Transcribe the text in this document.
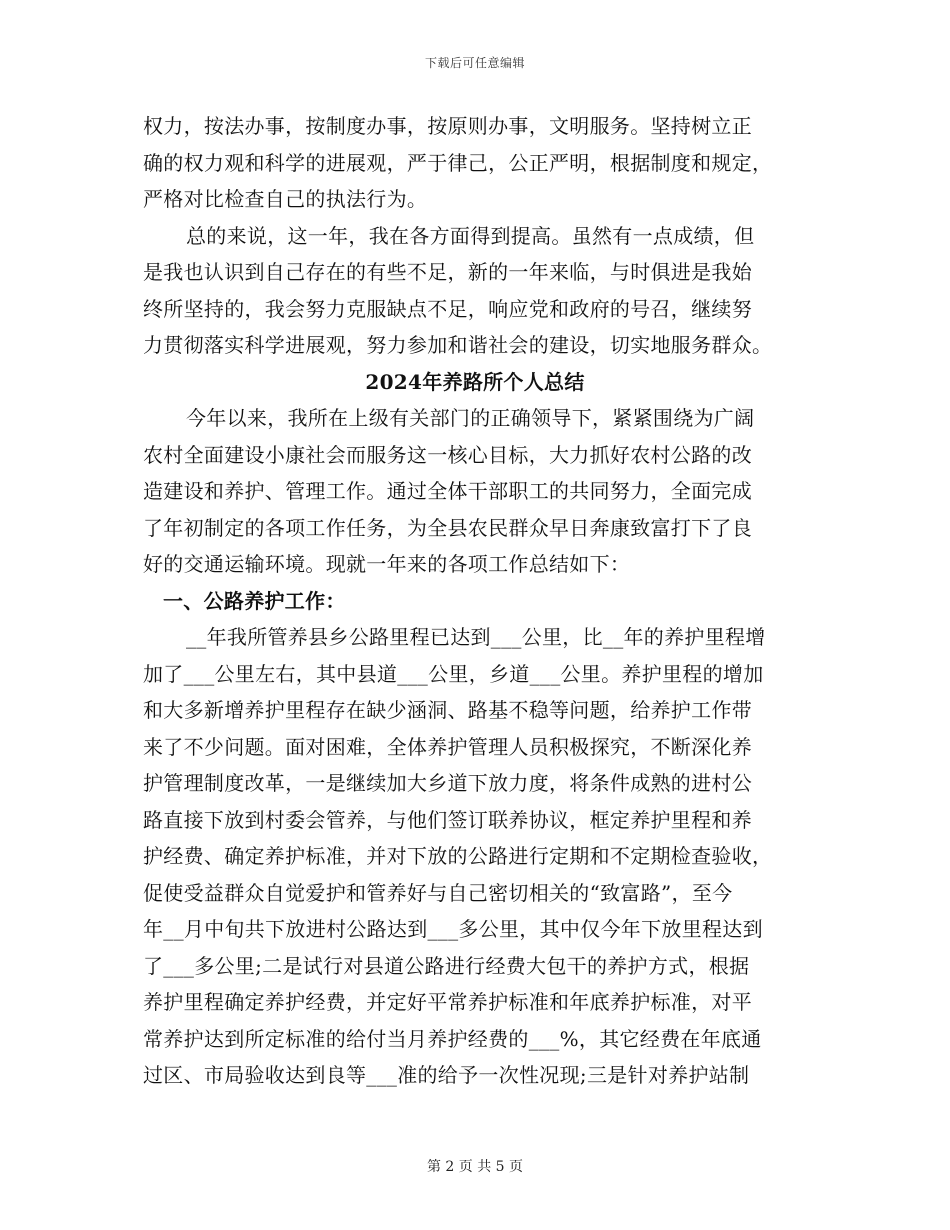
下载后可任意编辑
权力，按法办事，按制度办事，按原则办事，文明服务。坚持树立正
确的权力观和科学的进展观，严于律己，公正严明，根据制度和规定，
严格对比检查自己的执法行为。
总的来说，这一年，我在各方面得到提高。虽然有一点成绩，但
是我也认识到自己存在的有些不足，新的一年来临，与时俱进是我始
终所坚持的，我会努力克服缺点不足，响应党和政府的号召，继续努
力贯彻落实科学进展观，努力参加和谐社会的建设，切实地服务群众。
2024年养路所个人总结
今年以来，我所在上级有关部门的正确领导下，紧紧围绕为广阔
农村全面建设小康社会而服务这一核心目标，大力抓好农村公路的改
造建设和养护、管理工作。通过全体干部职工的共同努力，全面完成
了年初制定的各项工作任务，为全县农民群众早日奔康致富打下了良
好的交通运输环境。现就一年来的各项工作总结如下：
一、公路养护工作：
__年我所管养县乡公路里程已达到___公里，比__年的养护里程增
加了___公里左右，其中县道___公里，乡道___公里。养护里程的增加
和大多新增养护里程存在缺少涵洞、路基不稳等问题，给养护工作带
来了不少问题。面对困难，全体养护管理人员积极探究，不断深化养
护管理制度改革，一是继续加大乡道下放力度，将条件成熟的进村公
路直接下放到村委会管养，与他们签订联养协议，框定养护里程和养
护经费、确定养护标准，并对下放的公路进行定期和不定期检查验收，
促使受益群众自觉爱护和管养好与自己密切相关的“致富路”，至今
年__月中旬共下放进村公路达到___多公里，其中仅今年下放里程达到
了___多公里;二是试行对县道公路进行经费大包干的养护方式，根据
养护里程确定养护经费，并定好平常养护标准和年底养护标准，对平
常养护达到所定标准的给付当月养护经费的___%，其它经费在年底通
过区、市局验收达到良等___准的给予一次性况现;三是针对养护站制
第 2 页 共 5 页
